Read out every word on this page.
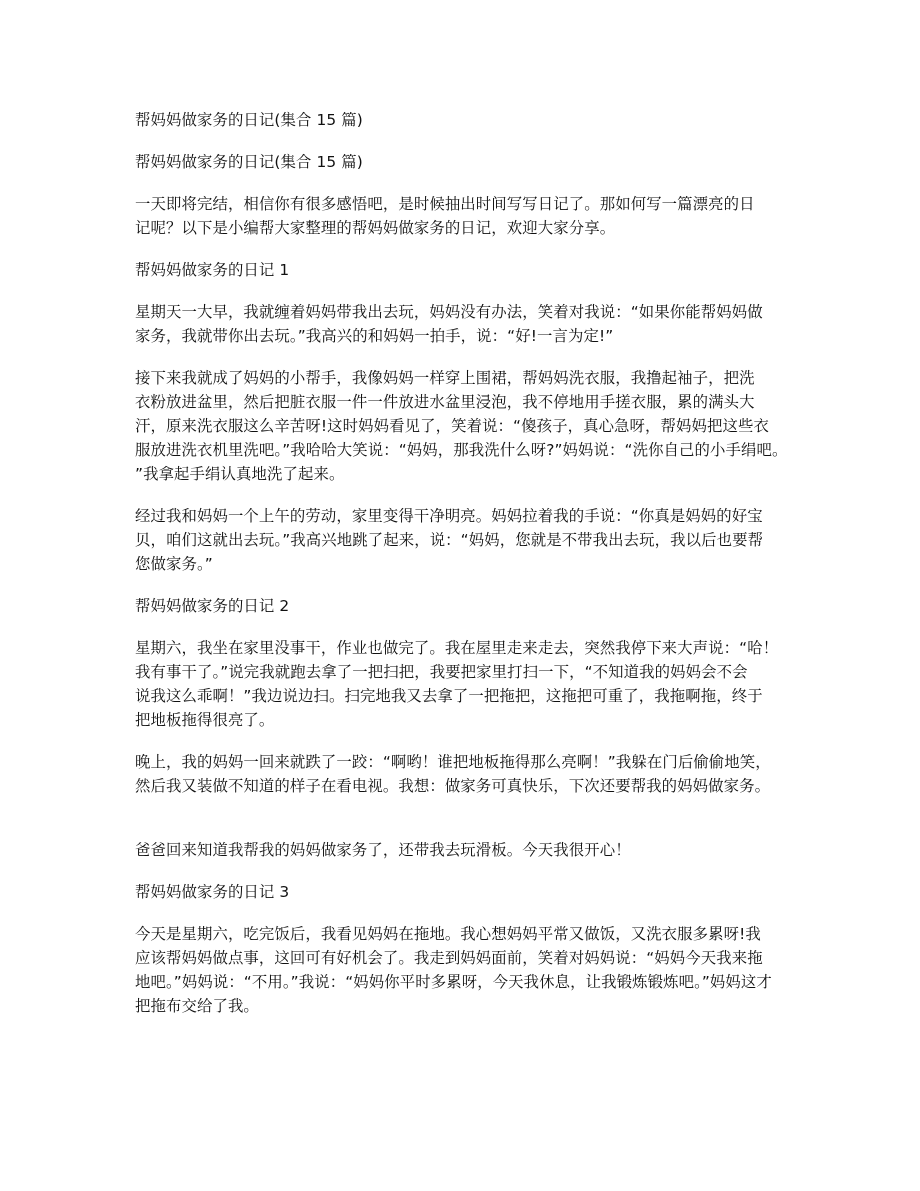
帮妈妈做家务的日记(集合 15 篇)

帮妈妈做家务的日记(集合 15 篇)

一天即将完结，相信你有很多感悟吧，是时候抽出时间写写日记了。那如何写一篇漂亮的日

记呢？以下是小编帮大家整理的帮妈妈做家务的日记，欢迎大家分享。

帮妈妈做家务的日记 1

星期天一大早，我就缠着妈妈带我出去玩，妈妈没有办法，笑着对我说：“如果你能帮妈妈做

家务，我就带你出去玩。”我高兴的和妈妈一拍手，说：“好!一言为定!”

接下来我就成了妈妈的小帮手，我像妈妈一样穿上围裙，帮妈妈洗衣服，我撸起袖子，把洗

衣粉放进盆里，然后把脏衣服一件一件放进水盆里浸泡，我不停地用手搓衣服，累的满头大

汗，原来洗衣服这么辛苦呀!这时妈妈看见了，笑着说：“傻孩子，真心急呀，帮妈妈把这些衣

服放进洗衣机里洗吧。”我哈哈大笑说：“妈妈，那我洗什么呀?”妈妈说：“洗你自己的小手绢吧。

”我拿起手绢认真地洗了起来。

经过我和妈妈一个上午的劳动，家里变得干净明亮。妈妈拉着我的手说：“你真是妈妈的好宝

贝，咱们这就出去玩。”我高兴地跳了起来，说：“妈妈，您就是不带我出去玩，我以后也要帮

您做家务。”

帮妈妈做家务的日记 2

星期六，我坐在家里没事干，作业也做完了。我在屋里走来走去，突然我停下来大声说：“哈！

我有事干了。”说完我就跑去拿了一把扫把，我要把家里打扫一下，“不知道我的妈妈会不会

说我这么乖啊！”我边说边扫。扫完地我又去拿了一把拖把，这拖把可重了，我拖啊拖，终于

把地板拖得很亮了。

晚上，我的妈妈一回来就跌了一跤：“啊哟！谁把地板拖得那么亮啊！”我躲在门后偷偷地笑，

然后我又装做不知道的样子在看电视。我想：做家务可真快乐，下次还要帮我的妈妈做家务。

爸爸回来知道我帮我的妈妈做家务了，还带我去玩滑板。今天我很开心！

帮妈妈做家务的日记 3

今天是星期六，吃完饭后，我看见妈妈在拖地。我心想妈妈平常又做饭，又洗衣服多累呀!我

应该帮妈妈做点事，这回可有好机会了。我走到妈妈面前，笑着对妈妈说：“妈妈今天我来拖

地吧。”妈妈说：“不用。”我说：“妈妈你平时多累呀，今天我休息，让我锻炼锻炼吧。”妈妈这才

把拖布交给了我。
